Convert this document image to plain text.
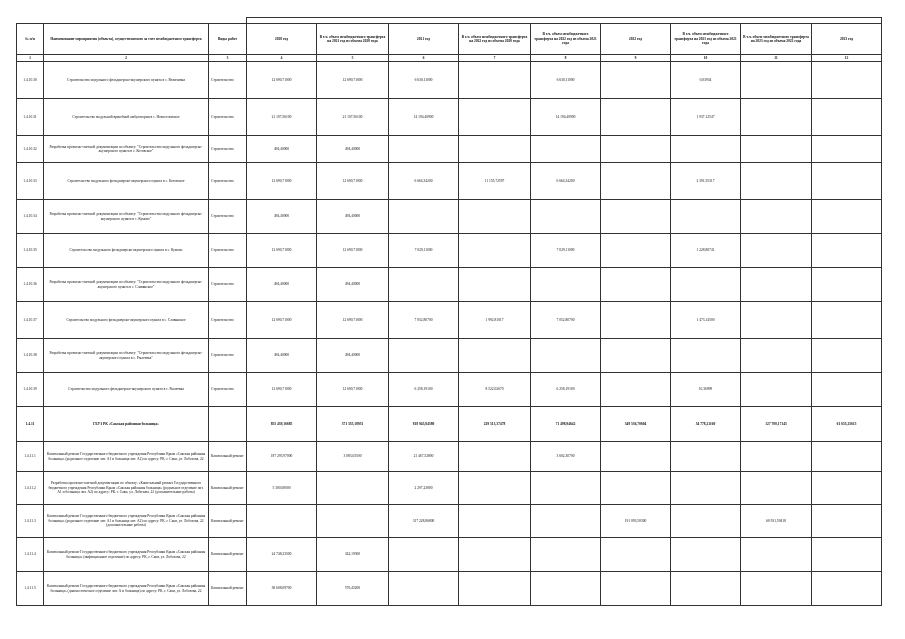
№ п/п	Наименование мероприятия (объекта), осуществляемого за счет межбюджетного трансферта	Виды работ	2020 год	В т.ч. объем межбюджетного трансферта на 2021 год из объема 2020 года	2021 год	В т.ч. объем межбюджетного трансферта на 2022 год из объема 2020 года	В т.ч. объем межбюджетного трансферта на 2022 год из объема 2021 года	2022 год	В т.ч. объем межбюджетного трансферта на 2023 год из объема 2021 года	В т.ч. объем межбюджетного трансферта на 2023 год из объема 2022 года	2023 год
1	2	3	4	5	6	7	8	9	10	11	12
1.4.10.30	Строительство модульного фельдшерско-акушерского пункта в с. Величивка	Строительство	12 690,71000	12 690,71000	6 630,11000		6 630,11000		0,03934		
1.4.10.31	Строительство модульной врачебной амбулатории в с. Новоселовское	Строительство	21 107,56100	21 107,56100	14 194,40900		14 194,40900		1 937,12547		
1.4.10.32	Разработка проектно-сметной документации по объекту: "Строительство модульного фельдшерско-акушерского пункта в с. Котовское"	Строительство	494,40000	494,40000							
1.4.10.33	Строительство модульного фельдшерско-акушерского пункта в с. Котовское	Строительство	12 690,71000	12 690,71000	6 664,34200	11 155,72597	6 664,34200		2 391,55317		
1.4.10.34	Разработка проектно-сметной документации по объекту: "Строительство модульного фельдшерско-акушерского пункта в с. Кумово"	Строительство	494,40000	494,40000							
1.4.10.35	Строительство модульного фельдшерско-акушерского пункта в с. Кумово	Строительство	12 690,71000	12 690,71000	7 029,11000		7 029,11000		1 228,80741		
1.4.10.36	Разработка проектно-сметной документации по объекту: "Строительство модульного фельдшерско-акушерского пункта в с. Славянское"	Строительство	494,40000	494,40000							
1.4.10.37	Строительство модульного фельдшерско-акушерского пункта в с. Славянское	Строительство	12 690,71000	12 690,71000	7 052,80700	1 992,81017	7 052,80700		1 473,14500		
1.4.10.38	Разработка проектно-сметной документации по объекту: "Строительство модульного фельдшерско-акушерского пункта в с. Рылеевка"	Строительство	494,40000	494,40000							
1.4.10.39	Строительство модульного фельдшерско-акушерского пункта в с. Рылеевка	Строительство	12 690,71000	12 690,71000	6 258,19100	8 522,02670	6 258,19100		10,36999		
1.4.11	ГБУЗ РК «Сакская районная больница»		855 439,16685	371 355,18951	818 945,84580	229 513,37478	71 498,94642	349 536,70604	54 778,21160	127 700,17145	61 655,25615
1.4.11.1	Капитальный ремонт Государственного бюджетного учреждения Республики Крым «Сакская районная больница» (родильное отделение лит. А1 и больница лит. А2) по адресу: РК, г. Саки, ул. Лобозова, 22	Капитальный ремонт	187 295,97000	3 083,03500	21 467,52800		3 602,30700				
1.4.11.2	Разработка проектно-сметной документации по объекту: «Капитальный ремонт Государственного бюджетного учреждения Республики Крым «Сакская районная больница» (родильное отделение лит. А1 и больница лит. А2) по адресу: РК, г. Саки, ул. Лобозова, 22 (дополнительные работы)	Капитальный ремонт	5 300,00000		2 297,23800						
1.4.11.3	Капитальный ремонт Государственного бюджетного учреждения Республики Крым «Сакская районная больница» (родильное отделение лит. А1 и больница лит. А2) по адресу: РК, г. Саки, ул. Лобозова, 22 (дополнительные работы)	Капитальный ремонт			317 228,86800			191 093,50300		60 931,59418	
1.4.11.4	Капитальный ремонт Государственного бюджетного учреждения Республики Крым «Сакская районная больница» (инфекционное отделение) по адресу: РК, г. Саки, ул. Лобозова, 22	Капитальный ремонт	24 748,23500	342,19300							
1.4.11.5	Капитальный ремонт Государственного бюджетного учреждения Республики Крым «Сакская районная больница» (диагностическое отделение лит. А и больница) по адресу: РК, г. Саки, ул. Лобозова, 22	Капитальный ремонт	38 608,09700	576,45200							
